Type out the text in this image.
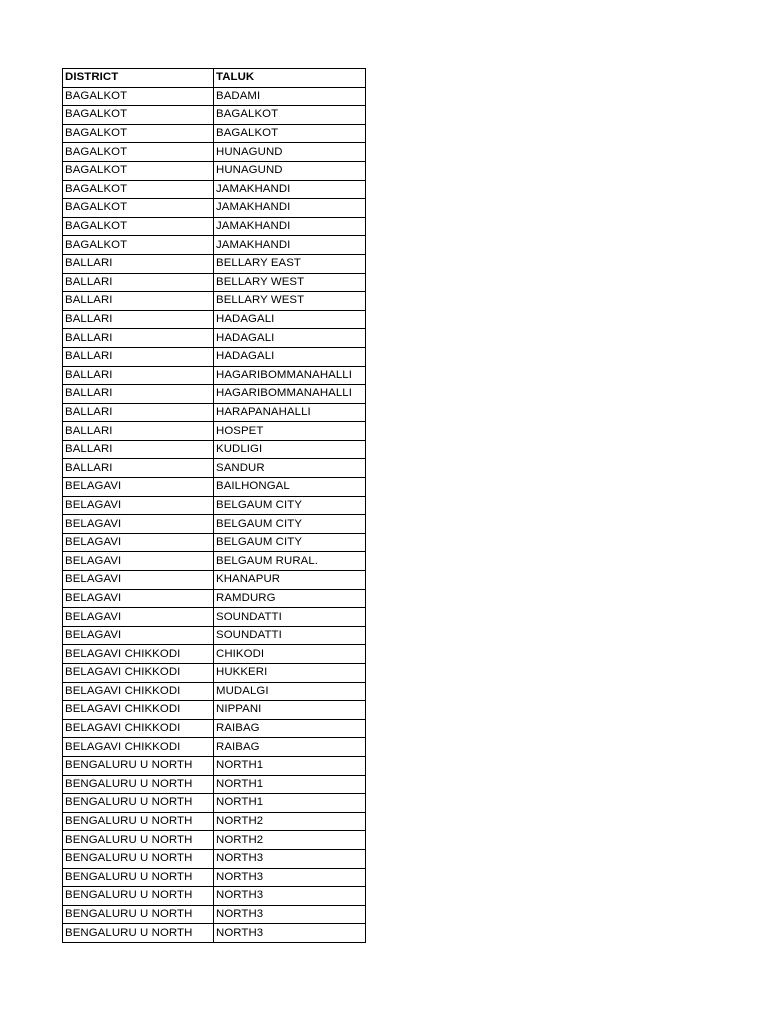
DISTRICT	TALUK
BAGALKOT	BADAMI
BAGALKOT	BAGALKOT
BAGALKOT	BAGALKOT
BAGALKOT	HUNAGUND
BAGALKOT	HUNAGUND
BAGALKOT	JAMAKHANDI
BAGALKOT	JAMAKHANDI
BAGALKOT	JAMAKHANDI
BAGALKOT	JAMAKHANDI
BALLARI	BELLARY EAST
BALLARI	BELLARY WEST
BALLARI	BELLARY WEST
BALLARI	HADAGALI
BALLARI	HADAGALI
BALLARI	HADAGALI
BALLARI	HAGARIBOMMANAHALLI
BALLARI	HAGARIBOMMANAHALLI
BALLARI	HARAPANAHALLI
BALLARI	HOSPET
BALLARI	KUDLIGI
BALLARI	SANDUR
BELAGAVI	BAILHONGAL
BELAGAVI	BELGAUM CITY
BELAGAVI	BELGAUM CITY
BELAGAVI	BELGAUM CITY
BELAGAVI	BELGAUM RURAL.
BELAGAVI	KHANAPUR
BELAGAVI	RAMDURG
BELAGAVI	SOUNDATTI
BELAGAVI	SOUNDATTI
BELAGAVI CHIKKODI	CHIKODI
BELAGAVI CHIKKODI	HUKKERI
BELAGAVI CHIKKODI	MUDALGI
BELAGAVI CHIKKODI	NIPPANI
BELAGAVI CHIKKODI	RAIBAG
BELAGAVI CHIKKODI	RAIBAG
BENGALURU U NORTH	NORTH1
BENGALURU U NORTH	NORTH1
BENGALURU U NORTH	NORTH1
BENGALURU U NORTH	NORTH2
BENGALURU U NORTH	NORTH2
BENGALURU U NORTH	NORTH3
BENGALURU U NORTH	NORTH3
BENGALURU U NORTH	NORTH3
BENGALURU U NORTH	NORTH3
BENGALURU U NORTH	NORTH3
